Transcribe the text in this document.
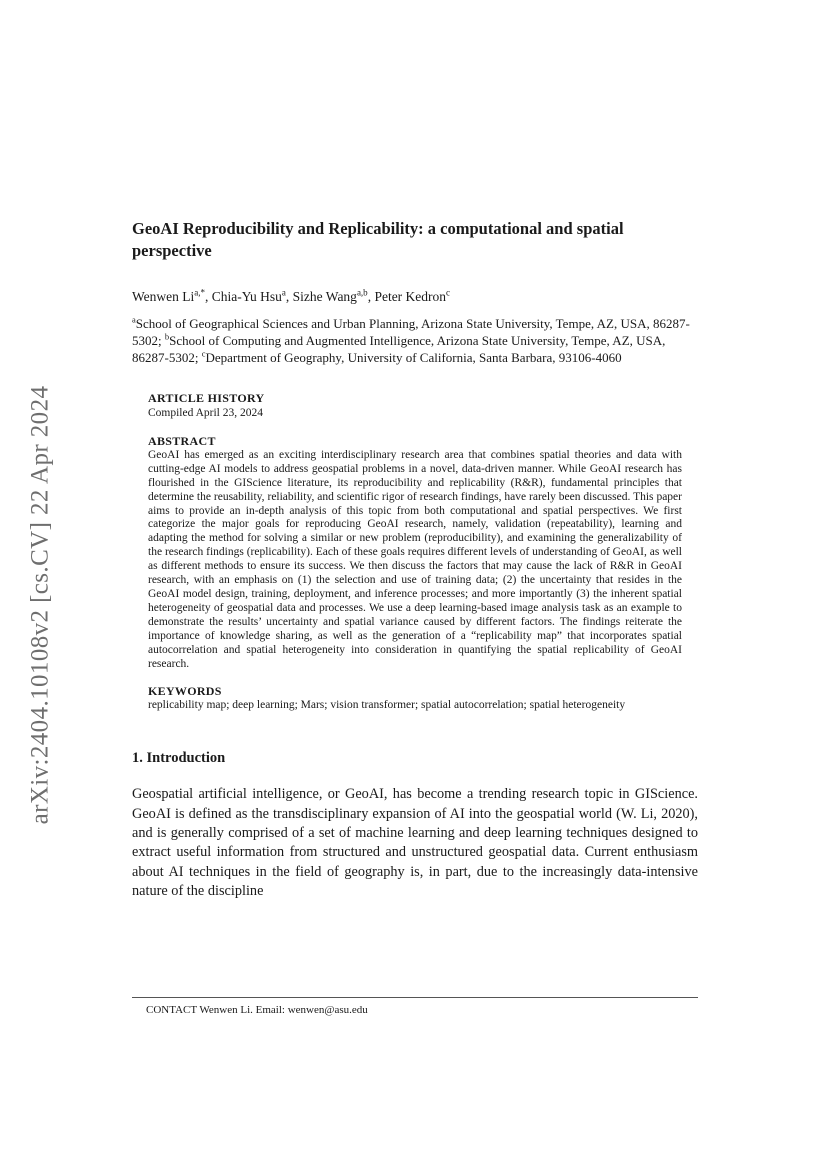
arXiv:2404.10108v2 [cs.CV] 22 Apr 2024
GeoAI Reproducibility and Replicability: a computational and spatial perspective
Wenwen $Li^{a,*}$, Chia-Yu Hsu$^a$, Sizhe Wang$^{a,b}$, Peter Kedron$^c$
$^a$School of Geographical Sciences and Urban Planning, Arizona State University, Tempe, AZ, USA, 86287-5302; $^b$School of Computing and Augmented Intelligence, Arizona State University, Tempe, AZ, USA, 86287-5302; $^c$Department of Geography, University of California, Santa Barbara, 93106-4060
ARTICLE HISTORY
Compiled April 23, 2024
ABSTRACT

GeoAI has emerged as an exciting interdisciplinary research area that combines spatial theories and data with cutting-edge AI models to address geospatial problems in a novel, data-driven manner. While GeoAI research has flourished in the GIScience literature, its reproducibility and replicability (R&R), fundamental principles that determine the reusability, reliability, and scientific rigor of research findings, have rarely been discussed. This paper aims to provide an in-depth analysis of this topic from both computational and spatial perspectives. We first categorize the major goals for reproducing GeoAI research, namely, validation (repeatability), learning and adapting the method for solving a similar or new problem (reproducibility), and examining the generalizability of the research findings (replicability). Each of these goals requires different levels of understanding of GeoAI, as well as different methods to ensure its success. We then discuss the factors that may cause the lack of R&R in GeoAI research, with an emphasis on (1) the selection and use of training data; (2) the uncertainty that resides in the GeoAI model design, training, deployment, and inference processes; and more importantly (3) the inherent spatial heterogeneity of geospatial data and processes. We use a deep learning-based image analysis task as an example to demonstrate the results’ uncertainty and spatial variance caused by different factors. The findings reiterate the importance of knowledge sharing, as well as the generation of a “replicability map” that incorporates spatial autocorrelation and spatial heterogeneity into consideration in quantifying the spatial replicability of GeoAI research.

KEYWORDS
replicability map; deep learning; Mars; vision transformer; spatial autocorrelation; spatial heterogeneity
1. Introduction

Geospatial artificial intelligence, or GeoAI, has become a trending research topic in GIScience. GeoAI is defined as the transdisciplinary expansion of AI into the geospatial world (W. Li, 2020), and is generally comprised of a set of machine learning and deep learning techniques designed to extract useful information from structured and unstructured geospatial data. Current enthusiasm about AI techniques in the field of geography is, in part, due to the increasingly data-intensive nature of the discipline

CONTACT Wenwen Li. Email: wenwen@asu.edu
